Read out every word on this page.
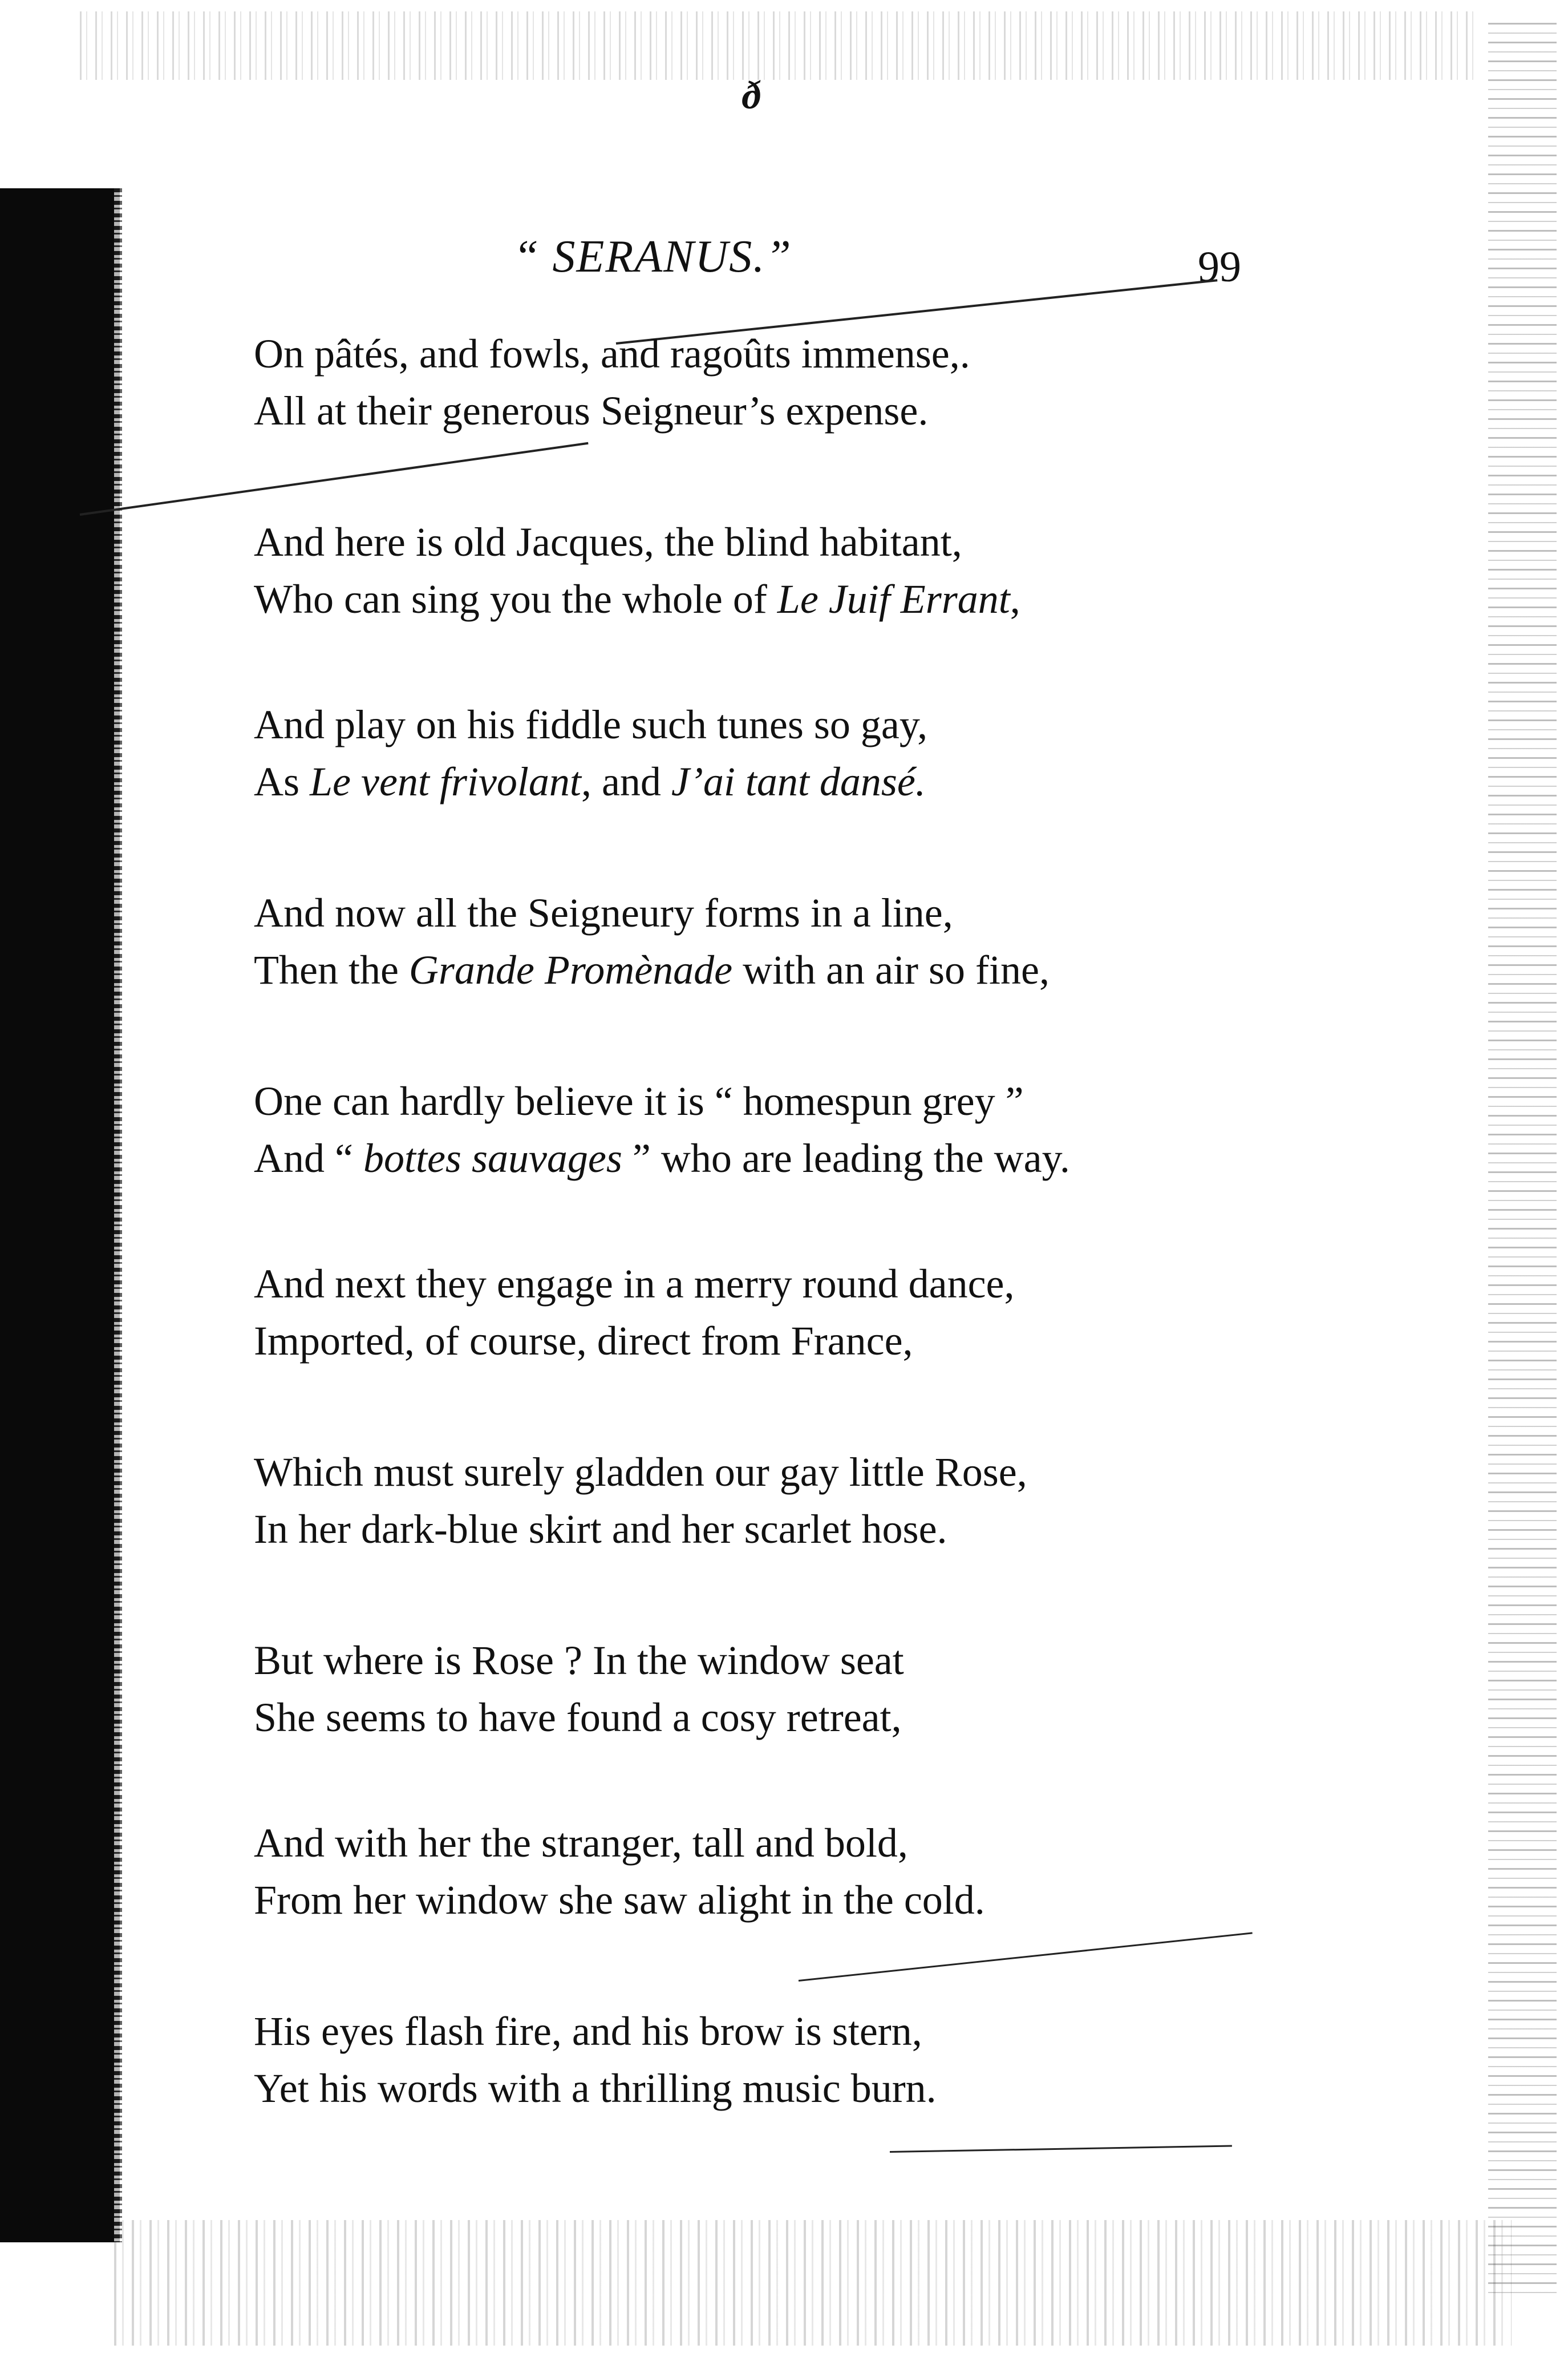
ð
“ SERANUS.”	99
On pâtés, and fowls, and ragoûts immense,.
All at their generous Seigneur’s expense.
And here is old Jacques, the blind habitant,
Who can sing you the whole of Le Juif Errant,
And play on his fiddle such tunes so gay,
As Le vent frivolant, and J’ai tant dansé.
And now all the Seigneury forms in a line,
Then the Grande Promènade with an air so fine,
One can hardly believe it is “ homespun grey ”
And “ bottes sauvages ” who are leading the way.
And next they engage in a merry round dance,
Imported, of course, direct from France,
Which must surely gladden our gay little Rose,
In her dark-blue skirt and her scarlet hose.
But where is Rose ? In the window seat
She seems to have found a cosy retreat,
And with her the stranger, tall and bold,
From her window she saw alight in the cold.
His eyes flash fire, and his brow is stern,
Yet his words with a thrilling music burn.
